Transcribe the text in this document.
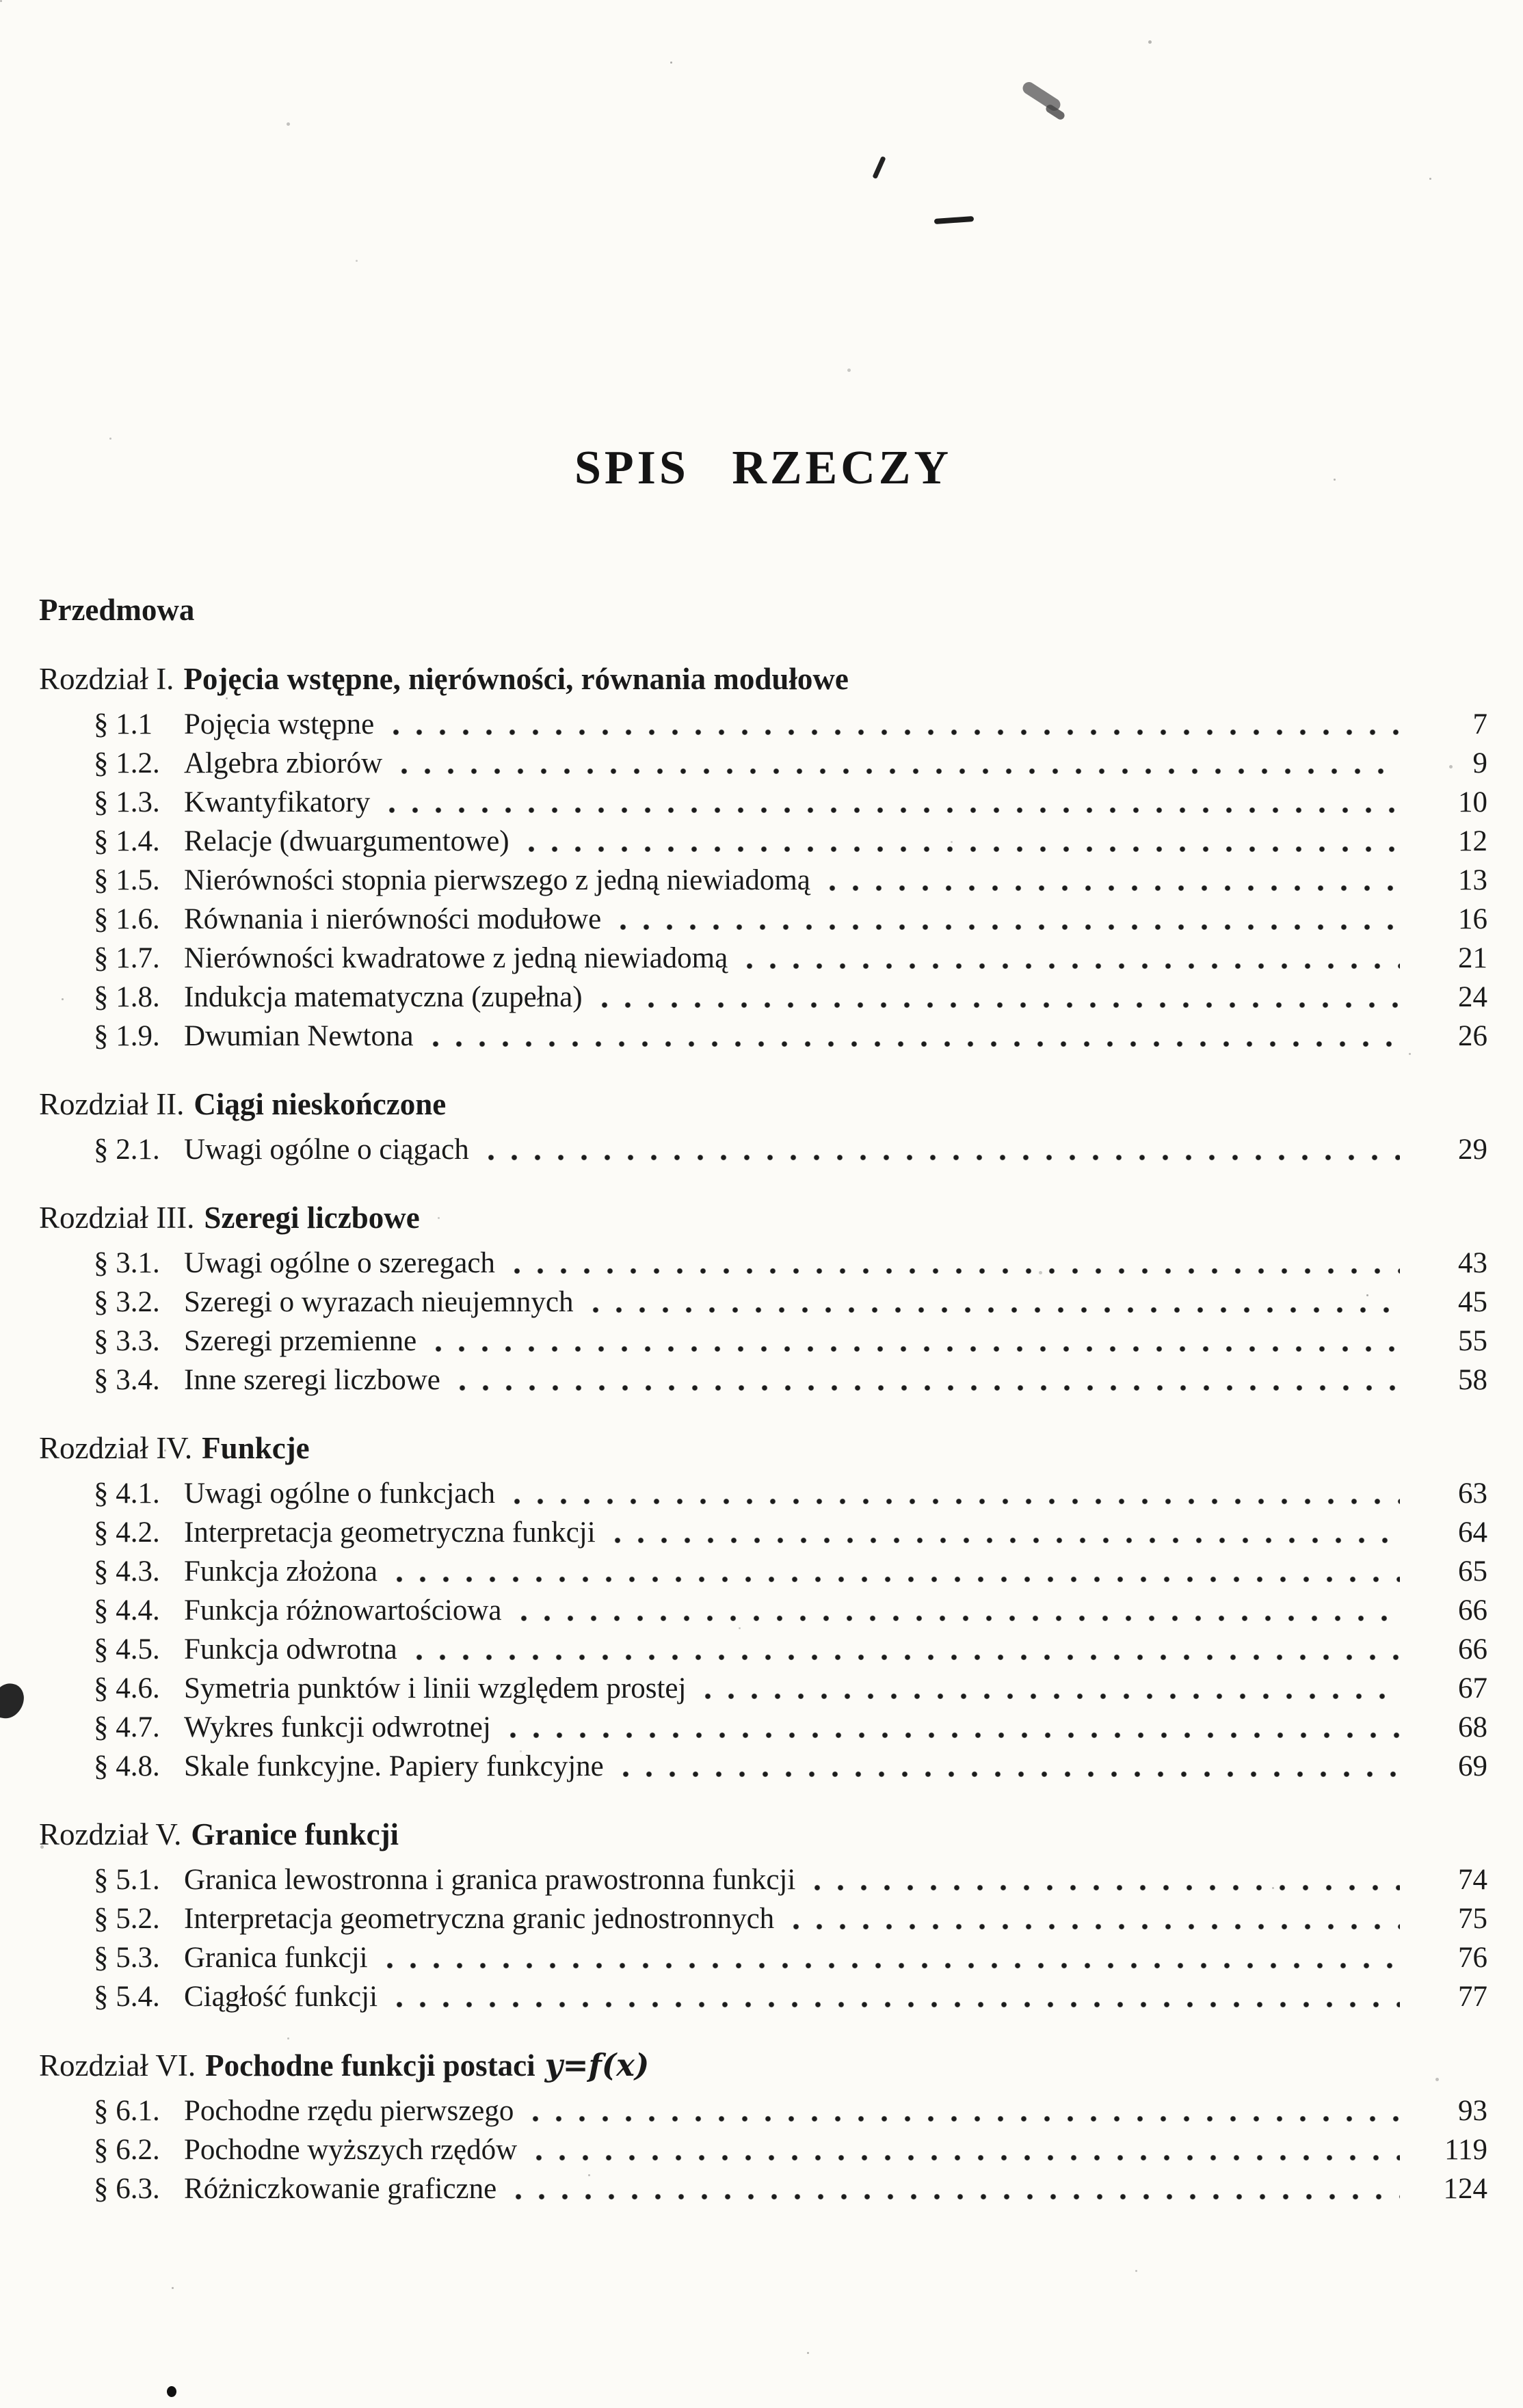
SPIS RZECZY
Przedmowa
Rozdział I. Pojęcia wstępne, nięrówności, równania modułowe
§ 1.1	Pojęcia wstępne	7
§ 1.2. Algebra zbiorów	9
§ 1.3. Kwantyfikatory	10
§ 1.4. Relacje (dwuargumentowe)	12
§ 1.5. Nierówności stopnia pierwszego z jedną niewiadomą	13
§ 1.6. Równania i nierówności modułowe	16
§ 1.7. Nierówności kwadratowe z jedną niewiadomą	21
§ 1.8. Indukcja matematyczna (zupełna)	24
§ 1.9. Dwumian Newtona	26
Rozdział II. Ciągi nieskończone
§ 2.1. Uwagi ogólne o ciągach	29
Rozdział III. Szeregi liczbowe
§ 3.1. Uwagi ogólne o szeregach	43
§ 3.2. Szeregi o wyrazach nieujemnych	45
§ 3.3. Szeregi przemienne	55
§ 3.4. Inne szeregi liczbowe	58
Rozdział IV. Funkcje
§ 4.1. Uwagi ogólne o funkcjach	63
§ 4.2. Interpretacja geometryczna funkcji	64
§ 4.3. Funkcja złożona	65
§ 4.4. Funkcja różnowartościowa	66
§ 4.5. Funkcja odwrotna	66
§ 4.6. Symetria punktów i linii względem prostej	67
§ 4.7. Wykres funkcji odwrotnej	68
§ 4.8. Skale funkcyjne. Papiery funkcyjne	69
Rozdział V. Granice funkcji
§ 5.1. Granica lewostronna i granica prawostronna funkcji	74
§ 5.2. Interpretacja geometryczna granic jednostronnych	75
§ 5.3. Granica funkcji	76
§ 5.4. Ciągłość funkcji	77
Rozdział VI. Pochodne funkcji postaci y=f(x)
§ 6.1. Pochodne rzędu pierwszego	93
§ 6.2. Pochodne wyższych rzędów	119
§ 6.3. Różniczkowanie graficzne	124
